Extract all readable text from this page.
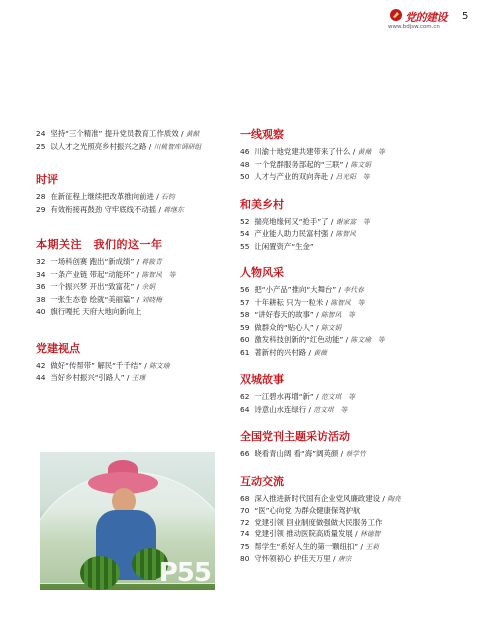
党的建设
www.bdjsw.com.cn
5
24 坚持“三个精准” 提升党员教育工作质效 / 黄献
25 以人才之光照亮乡村振兴之路 / 川桃智库调研组
时评
28 在新征程上继续把改革推向前进 / 石钧
29 有效衔接再鼓劲 守牢底线不动摇 / 蒋继东
本期关注　我们的这一年
32 一场科创赛 跑出“新成绩” / 蒋筱青
34 一条产业链 带起“动能环” / 陈智风　等
36 一个振兴梦 开出“致富花” / 余娟
38 一张生态卷 绘就“美丽篇” / 刘晓梅
40 旗行嘎托 天府大地向新向上
党建视点
42 做好“传帮带” 解民“千千结” / 陈文瑜
44 当好乡村振兴“引路人” / 王瑾
P55
一线观察
46 川渝十地党建共建带来了什么 / 黄薇　等
48 一个党群服务部起的“三联” / 陈文娟
50 人才与产业的双向奔赴 / 吕光阳　等
和美乡村
52 揣亮地缘何又“抢手”了 / 谢家富　等
54 产业能人助力民富村强 / 陈智风
55 让闲置资产“生金”
人物风采
56 把“小产品”推向“大舞台” / 李代春
57 十年耕耘 只为一粒米 / 陈智风　等
58 “讲好春天的故事” / 陈智风　等
59 做群众的“贴心人” / 陈文娟
60 激发科技创新的“红色动能” / 陈文瑜　等
61 著新村的兴村路 / 黄薇
双城故事
62 一江碧水再增“新” / 范文琪　等
64 诗意山水连绿行 / 范文琪　等
全国党刊主题采访活动
66 晓看青山阔 看“海”阔英颜 / 蔡学竹
互动交流
68 深入推进新时代国有企业党风廉政建设 / 陶亮
70 “医”心向党 为群众健康保驾护航
72 党建引领 回业制度做强做大民服务工作
74 党建引领 推动医院高质量发展 / 林德智
75 帮学生“系好人生的第一颗纽扣” / 王莉
80 守怀领初心 护佳天万里 / 唐宗
